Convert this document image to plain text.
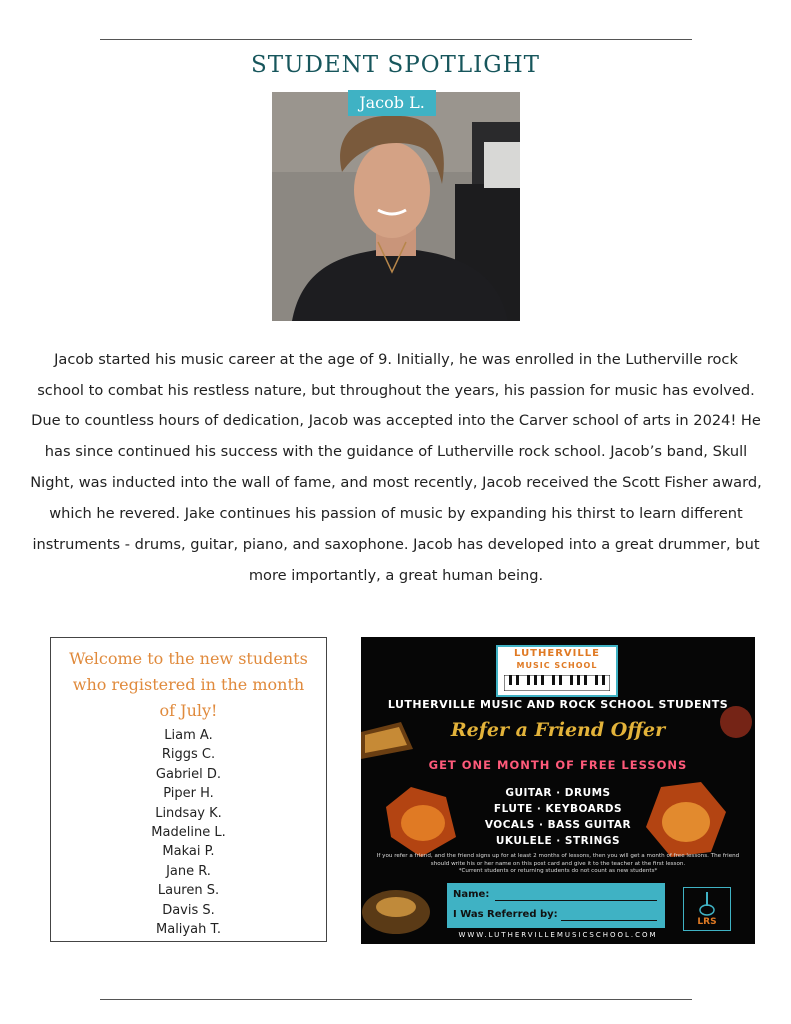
STUDENT SPOTLIGHT
Jacob L.

Jacob started his music career at the age of 9. Initially, he was enrolled in the Lutherville rock school to combat his restless nature, but throughout the years, his passion for music has evolved. Due to countless hours of dedication, Jacob was accepted into the Carver school of arts in 2024! He has since continued his success with the guidance of Lutherville rock school. Jacob’s band, Skull Night, was inducted into the wall of fame, and most recently, Jacob received the Scott Fisher award, which he revered. Jake continues his passion of music by expanding his thirst to learn different instruments - drums, guitar, piano, and saxophone. Jacob has developed into a great drummer, but more importantly, a great human being.

Welcome to the new students who registered in the month of July!
Liam A.
Riggs C.
Gabriel D.
Piper H.
Lindsay K.
Madeline L.
Makai P.
Jane R.
Lauren S.
Davis S.
Maliyah T.
LUTHERVILLE
MUSIC SCHOOL
LUTHERVILLE MUSIC AND ROCK SCHOOL STUDENTS
Refer a Friend Offer
GET ONE MONTH OF FREE LESSONS
GUITAR · DRUMS
FLUTE · KEYBOARDS
VOCALS · BASS GUITAR
UKULELE · STRINGS
If you refer a friend, and the friend signs up for at least 2 months of lessons, then you will get a month of free lessons. The friend should write his or her name on this post card and give it to the teacher at the first lesson.
*Current students or returning students do not count as new students*
Name:
I Was Referred by:
LRS
WWW.LUTHERVILLEMUSICSCHOOL.COM
